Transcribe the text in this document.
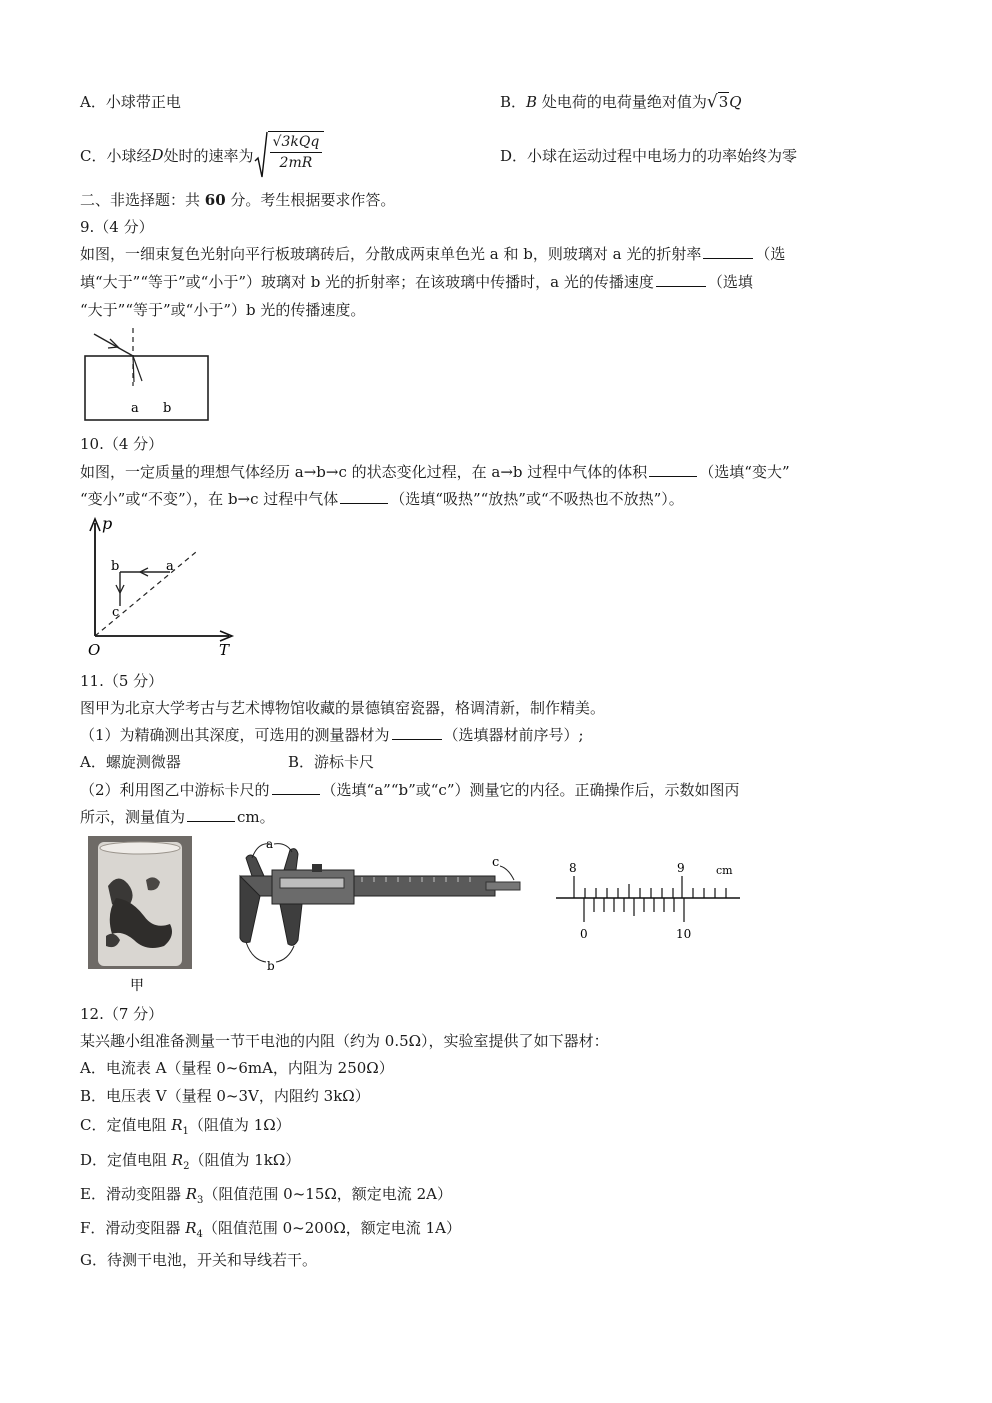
A．小球带正电	B．B 处电荷的电荷量绝对值为√3Q
C．小球经 D 处时的速率为 $\frac{\text{√3kQq}}{2mR}$	D．小球在运动过程中电场力的功率始终为零
二、非选择题：共 60 分。考生根据要求作答。
9.（4 分）
如图，一细束复色光射向平行板玻璃砖后，分散成两束单色光 a 和 b，则玻璃对 a 光的折射率	（选
填“大于”“等于”或“小于”）玻璃对 b 光的折射率；在该玻璃中传播时，a 光的传播速度	（选填
“大于”“等于”或“小于”）b 光的传播速度。
a b
10.（4 分）
如图，一定质量的理想气体经历 a→b→c 的状态变化过程，在 a→b 过程中气体的体积	（选填“变大”
“变小”或“不变”），在 b→c 过程中气体	（选填“吸热”“放热”或“不吸热也不放热”）。
p
T
O
a
b
c
11.（5 分）
图甲为北京大学考古与艺术博物馆收藏的景德镇窑瓷器，格调清新，制作精美。
（1）为精确测出其深度，可选用的测量器材为	（选填器材前序号）;
A．螺旋测微器	B．游标卡尺
（2）利用图乙中游标卡尺的	（选填“a”“b”或“c”）测量它的内径。正确操作后，示数如图丙
所示，测量值为	cm。
甲
a
b
c	8	9	cm
0	10
12.（7 分）
某兴趣小组准备测量一节干电池的内阻（约为 0.5Ω），实验室提供了如下器材：
A．电流表 A（量程 0~6mA，内阻为 250Ω）
B．电压表 V（量程 0~3V，内阻约 3kΩ）
C．定值电阻 $R_1$（阻值为 1Ω）
D．定值电阻 $R_2$（阻值为 1kΩ）
E．滑动变阻器 $R_3$（阻值范围 0~15Ω，额定电流 2A）
F．滑动变阻器 $R_4$（阻值范围 0~200Ω，额定电流 1A）
G．待测干电池，开关和导线若干。
